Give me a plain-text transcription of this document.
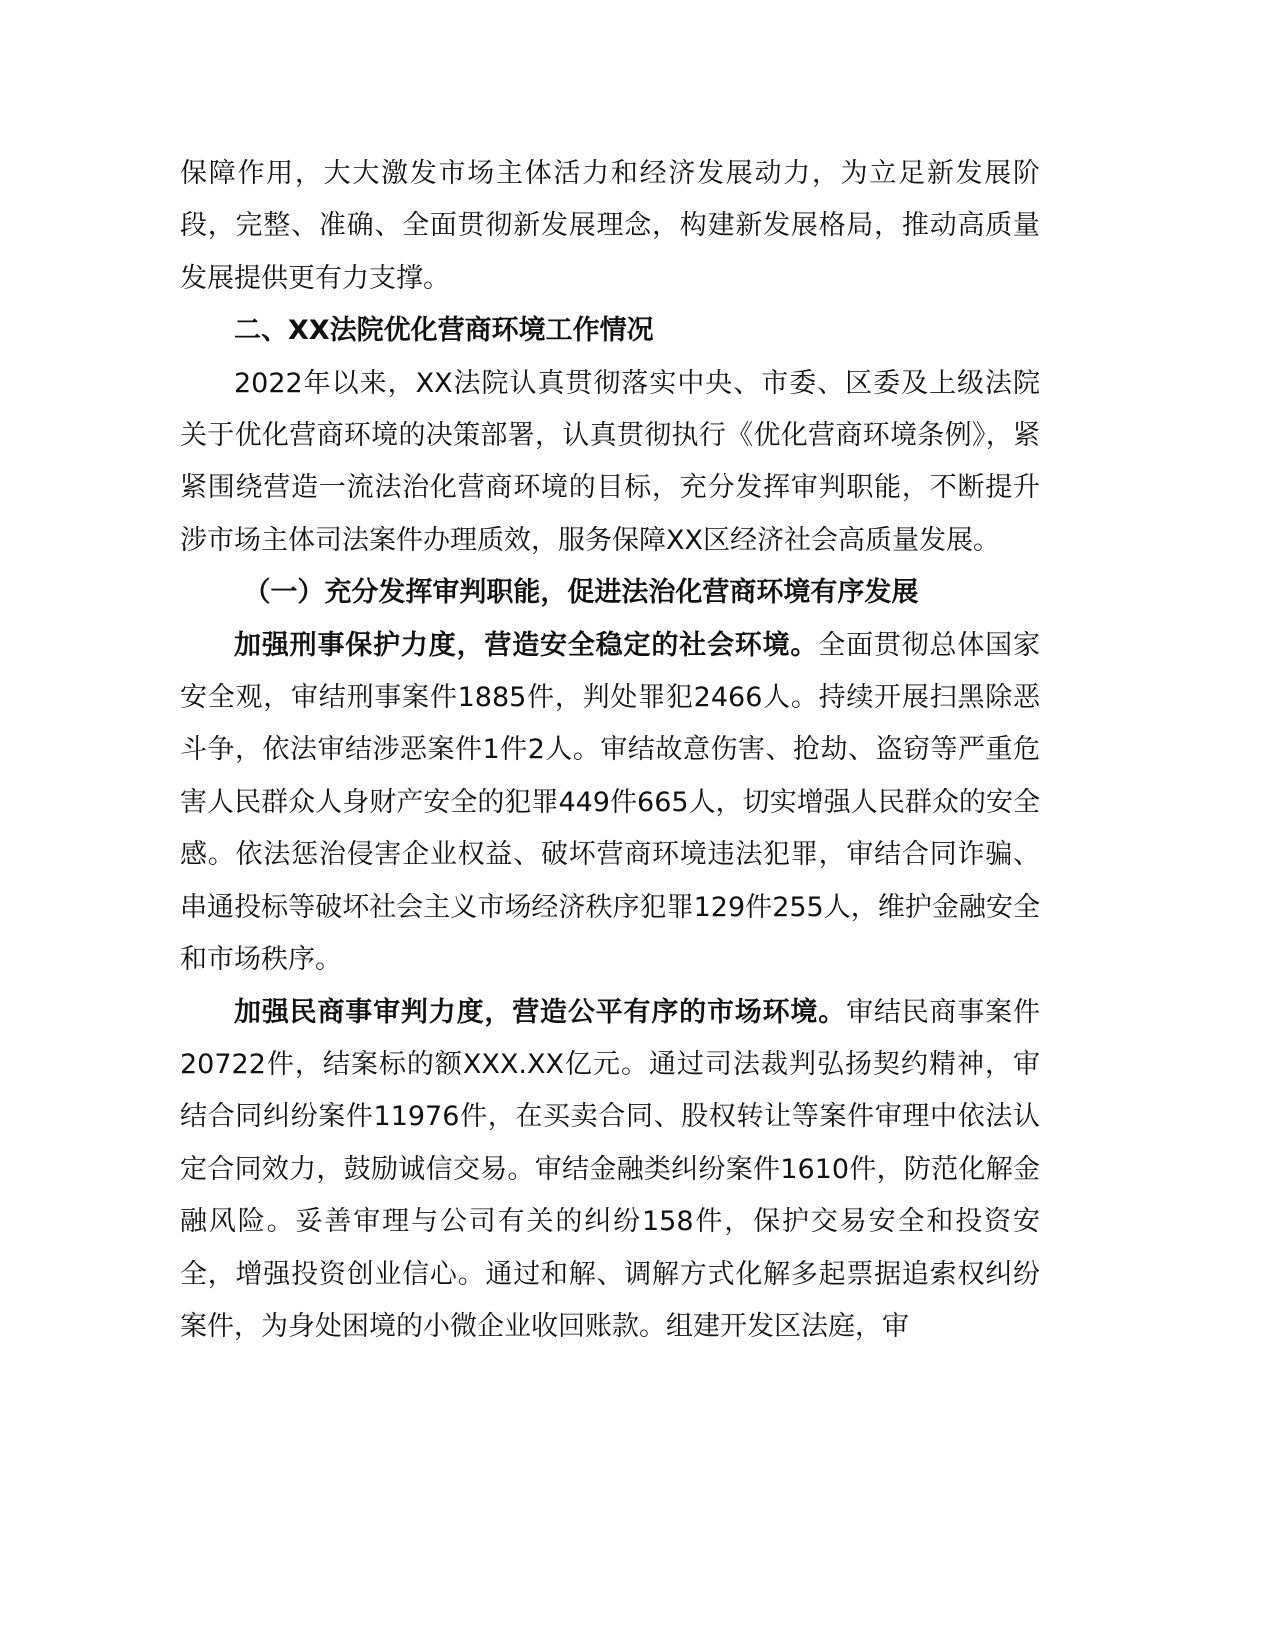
保障作用，大大激发市场主体活力和经济发展动力，为立足新发展阶段，完整、准确、全面贯彻新发展理念，构建新发展格局，推动高质量发展提供更有力支撑。

二、XX法院优化营商环境工作情况

2022年以来，XX法院认真贯彻落实中央、市委、区委及上级法院关于优化营商环境的决策部署，认真贯彻执行《优化营商环境条例》，紧紧围绕营造一流法治化营商环境的目标，充分发挥审判职能，不断提升涉市场主体司法案件办理质效，服务保障XX区经济社会高质量发展。

（一）充分发挥审判职能，促进法治化营商环境有序发展

加强刑事保护力度，营造安全稳定的社会环境。全面贯彻总体国家安全观，审结刑事案件1885件，判处罪犯2466人。持续开展扫黑除恶斗争，依法审结涉恶案件1件2人。审结故意伤害、抢劫、盗窃等严重危害人民群众人身财产安全的犯罪449件665人，切实增强人民群众的安全感。依法惩治侵害企业权益、破坏营商环境违法犯罪，审结合同诈骗、串通投标等破坏社会主义市场经济秩序犯罪129件255人，维护金融安全和市场秩序。

加强民商事审判力度，营造公平有序的市场环境。审结民商事案件20722件，结案标的额XXX.XX亿元。通过司法裁判弘扬契约精神，审结合同纠纷案件11976件，在买卖合同、股权转让等案件审理中依法认定合同效力，鼓励诚信交易。审结金融类纠纷案件1610件，防范化解金融风险。妥善审理与公司有关的纠纷158件，保护交易安全和投资安全，增强投资创业信心。通过和解、调解方式化解多起票据追索权纠纷案件，为身处困境的小微企业收回账款。组建开发区法庭，审
